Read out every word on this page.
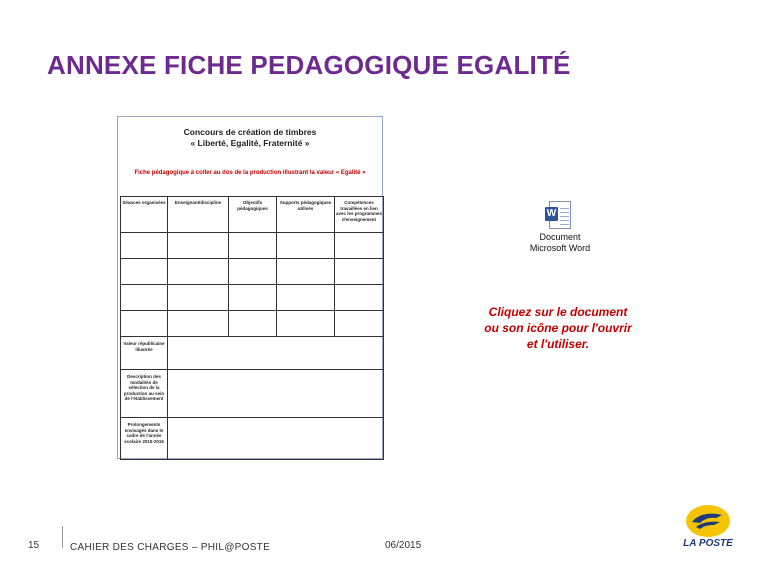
ANNEXE FICHE PEDAGOGIQUE EGALITÉ
Concours de création de timbres
« Liberté, Egalité, Fraternité »
Fiche pédagogique à coller au dos de la production illustrant la valeur « Egalité »
Séances organisées	Enseignant/discipline	Objectifs pédagogiques	Supports pédagogiques utilisés	Compétences travaillées en lien avec les programmes d'enseignement

Valeur républicaine illustrée				
Description des modalités de sélection de la production au sein de l'établissement				
Prolongements envisagés dans le cadre de l'année scolaire 2015-2016				
W
Document
Microsoft Word
Cliquez sur le document
ou son icône pour l'ouvrir
et l'utiliser.
15	CAHIER DES CHARGES – PHIL@POSTE	06/2015	LA POSTE
